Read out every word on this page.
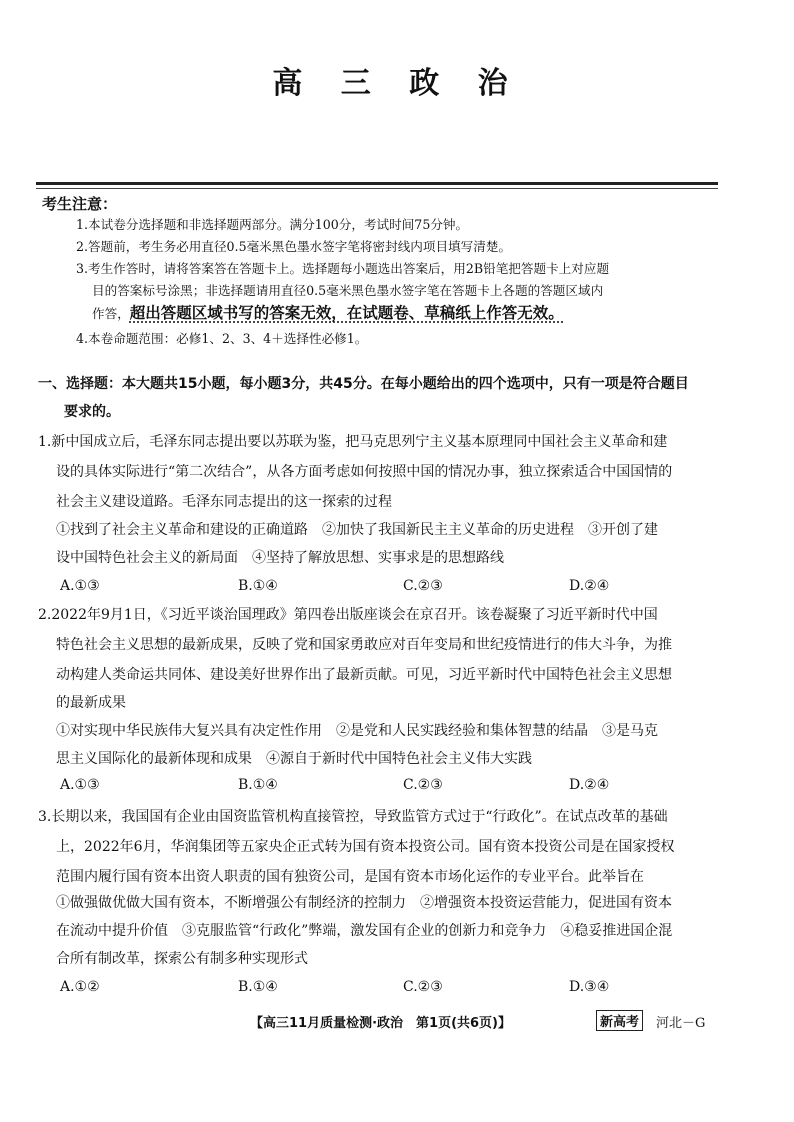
高 三 政 治
考生注意：
1.本试卷分选择题和非选择题两部分。满分100分，考试时间75分钟。
2.答题前，考生务必用直径0.5毫米黑色墨水签字笔将密封线内项目填写清楚。
3.考生作答时，请将答案答在答题卡上。选择题每小题选出答案后，用2B铅笔把答题卡上对应题
目的答案标号涂黑；非选择题请用直径0.5毫米黑色墨水签字笔在答题卡上各题的答题区域内
作答，超出答题区域书写的答案无效，在试题卷、草稿纸上作答无效。
4.本卷命题范围：必修1、2、3、4＋选择性必修1。
一、选择题：本大题共15小题，每小题3分，共45分。在每小题给出的四个选项中，只有一项是符合题目
要求的。
1.新中国成立后，毛泽东同志提出要以苏联为鉴，把马克思列宁主义基本原理同中国社会主义革命和建
设的具体实际进行“第二次结合”，从各方面考虑如何按照中国的情况办事，独立探索适合中国国情的
社会主义建设道路。毛泽东同志提出的这一探索的过程
①找到了社会主义革命和建设的正确道路　②加快了我国新民主主义革命的历史进程　③开创了建
设中国特色社会主义的新局面　④坚持了解放思想、实事求是的思想路线
A.①③	B.①④	C.②③	D.②④
2.2022年9月1日，《习近平谈治国理政》第四卷出版座谈会在京召开。该卷凝聚了习近平新时代中国
特色社会主义思想的最新成果，反映了党和国家勇敢应对百年变局和世纪疫情进行的伟大斗争，为推
动构建人类命运共同体、建设美好世界作出了最新贡献。可见，习近平新时代中国特色社会主义思想
的最新成果
①对实现中华民族伟大复兴具有决定性作用　②是党和人民实践经验和集体智慧的结晶　③是马克
思主义国际化的最新体现和成果　④源自于新时代中国特色社会主义伟大实践
A.①③	B.①④	C.②③	D.②④
3.长期以来，我国国有企业由国资监管机构直接管控，导致监管方式过于“行政化”。在试点改革的基础
上，2022年6月，华润集团等五家央企正式转为国有资本投资公司。国有资本投资公司是在国家授权
范围内履行国有资本出资人职责的国有独资公司，是国有资本市场化运作的专业平台。此举旨在
①做强做优做大国有资本，不断增强公有制经济的控制力　②增强资本投资运营能力，促进国有资本
在流动中提升价值　③克服监管“行政化”弊端，激发国有企业的创新力和竞争力　④稳妥推进国企混
合所有制改革，探索公有制多种实现形式
A.①②	B.①④	C.②③	D.③④
【高三11月质量检测·政治　第1页(共6页)】	新高考	河北－G
